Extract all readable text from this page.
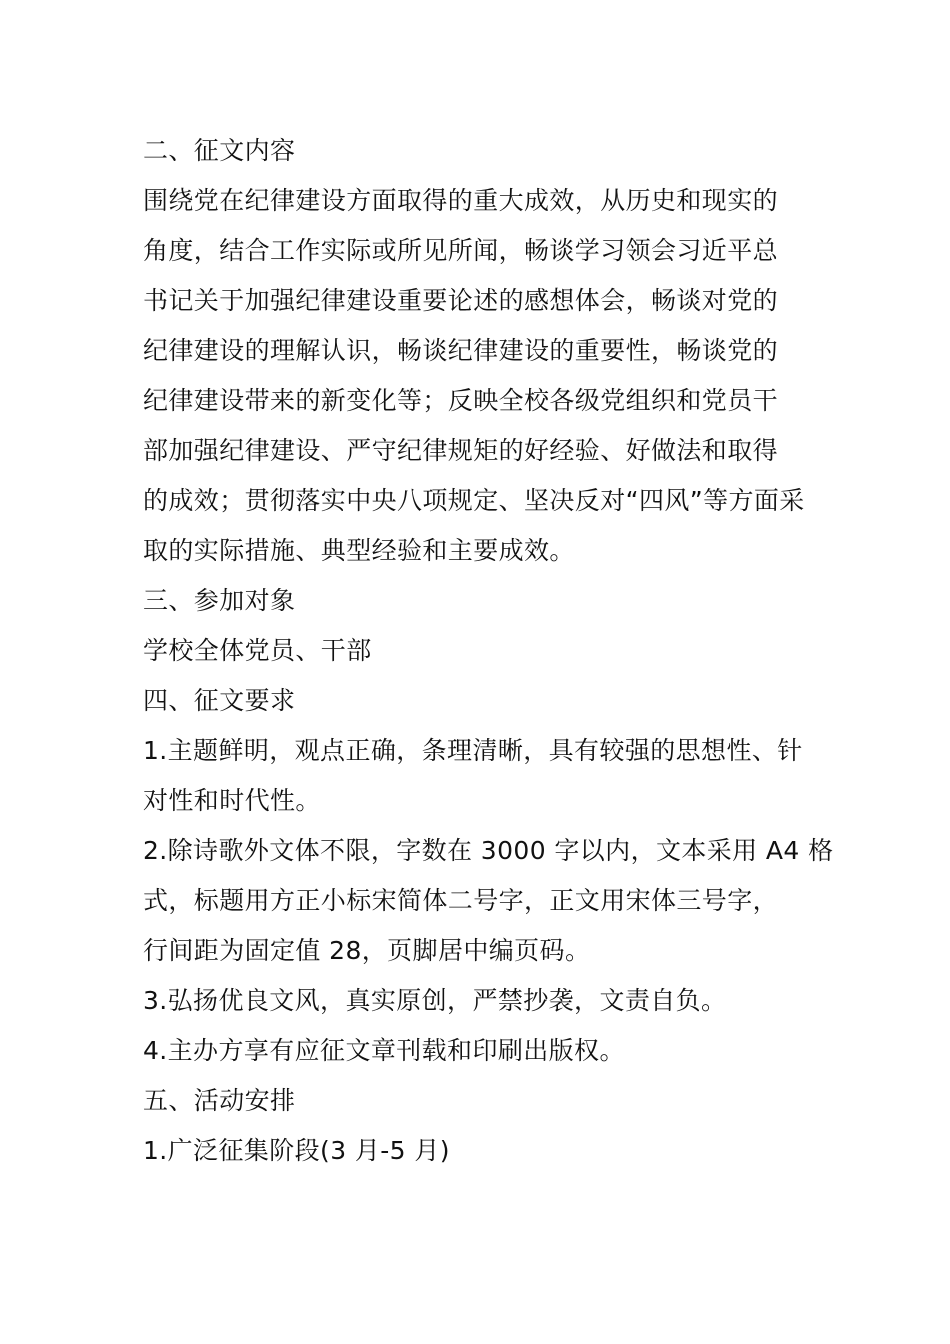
二、征文内容
围绕党在纪律建设方面取得的重大成效，从历史和现实的
角度，结合工作实际或所见所闻，畅谈学习领会习近平总
书记关于加强纪律建设重要论述的感想体会，畅谈对党的
纪律建设的理解认识，畅谈纪律建设的重要性，畅谈党的
纪律建设带来的新变化等；反映全校各级党组织和党员干
部加强纪律建设、严守纪律规矩的好经验、好做法和取得
的成效；贯彻落实中央八项规定、坚决反对“四风”等方面采
取的实际措施、典型经验和主要成效。
三、参加对象
学校全体党员、干部
四、征文要求
1.主题鲜明，观点正确，条理清晰，具有较强的思想性、针
对性和时代性。
2.除诗歌外文体不限，字数在 3000 字以内，文本采用 A4 格
式，标题用方正小标宋简体二号字，正文用宋体三号字，
行间距为固定值 28，页脚居中编页码。
3.弘扬优良文风，真实原创，严禁抄袭，文责自负。
4.主办方享有应征文章刊载和印刷出版权。
五、活动安排
1.广泛征集阶段(3 月-5 月)
